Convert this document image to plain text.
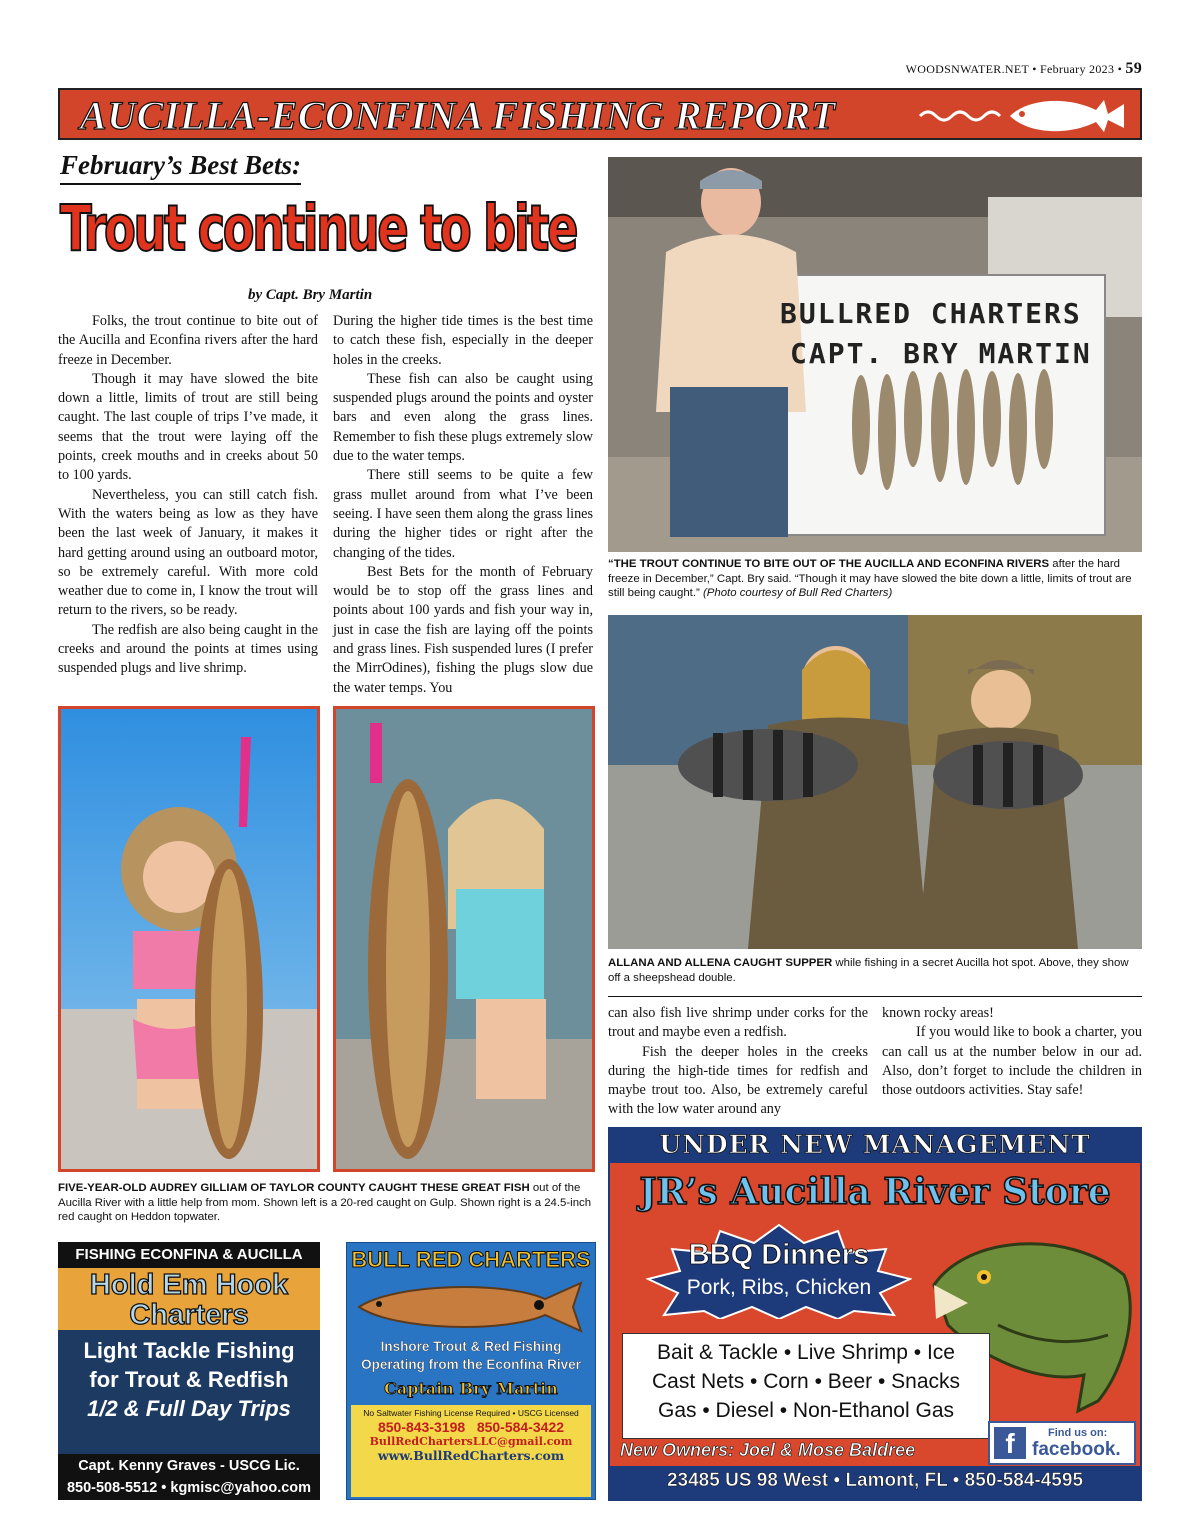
WOODSNWATER.NET • February 2023 • 59
AUCILLA-ECONFINA FISHING REPORT
February’s Best Bets:
Trout continue to bite
by Capt. Bry Martin

Folks, the trout continue to bite out of the Aucilla and Econfina rivers after the hard freeze in December.

Though it may have slowed the bite down a little, limits of trout are still being caught. The last couple of trips I’ve made, it seems that the trout were laying off the points, creek mouths and in creeks about 50 to 100 yards.

Nevertheless, you can still catch fish. With the waters being as low as they have been the last week of January, it makes it hard getting around using an outboard motor, so be extremely careful. With more cold weather due to come in, I know the trout will return to the rivers, so be ready.

The redfish are also being caught in the creeks and around the points at times using suspended plugs and live shrimp.

During the higher tide times is the best time to catch these fish, especially in the deeper holes in the creeks.

These fish can also be caught using suspended plugs around the points and oyster bars and even along the grass lines. Remember to fish these plugs extremely slow due to the water temps.

There still seems to be quite a few grass mullet around from what I’ve been seeing. I have seen them along the grass lines during the higher tides or right after the changing of the tides.

Best Bets for the month of February would be to stop off the grass lines and points about 100 yards and fish your way in, just in case the fish are laying off the points and grass lines. Fish suspended lures (I prefer the MirrOdines), fishing the plugs slow due the water temps. You

BULLRED CHARTERS
CAPT. BRY MARTIN
“THE TROUT CONTINUE TO BITE OUT OF THE AUCILLA AND ECONFINA RIVERS after the hard freeze in December,” Capt. Bry said. “Though it may have slowed the bite down a little, limits of trout are still being caught.” (Photo courtesy of Bull Red Charters)
ALLANA AND ALLENA CAUGHT SUPPER while fishing in a secret Aucilla hot spot. Above, they show off a sheepshead double.

can also fish live shrimp under corks for the trout and maybe even a redfish.

Fish the deeper holes in the creeks during the high-tide times for redfish and maybe trout too. Also, be extremely careful with the low water around any

known rocky areas!

If you would like to book a charter, you can call us at the number below in our ad. Also, don’t forget to include the children in those outdoors activities. Stay safe!

FIVE-YEAR-OLD AUDREY GILLIAM OF TAYLOR COUNTY CAUGHT THESE GREAT FISH out of the Aucilla River with a little help from mom. Shown left is a 20-red caught on Gulp. Shown right is a 24.5-inch red caught on Heddon topwater.
FISHING ECONFINA & AUCILLA
Hold Em Hook
Charters
Light Tackle Fishing
for Trout & Redfish
1/2 & Full Day Trips
Capt. Kenny Graves - USCG Lic.
850-508-5512 • kgmisc@yahoo.com
BULL RED CHARTERS
Inshore Trout & Red Fishing
Operating from the Econfina River
Captain Bry Martin
No Saltwater Fishing License Required • USCG Licensed
850-843-3198 850-584-3422
BullRedChartersLLC@gmail.com
www.BullRedCharters.com
UNDER NEW MANAGEMENT
JR’s Aucilla River Store
BBQ Dinners
Pork, Ribs, Chicken
Bait & Tackle • Live Shrimp • Ice
Cast Nets • Corn • Beer • Snacks
Gas • Diesel • Non-Ethanol Gas
New Owners: Joel & Mose Baldree
23485 US 98 West • Lamont, FL • 850-584-4595
f	Find us on:
facebook.
